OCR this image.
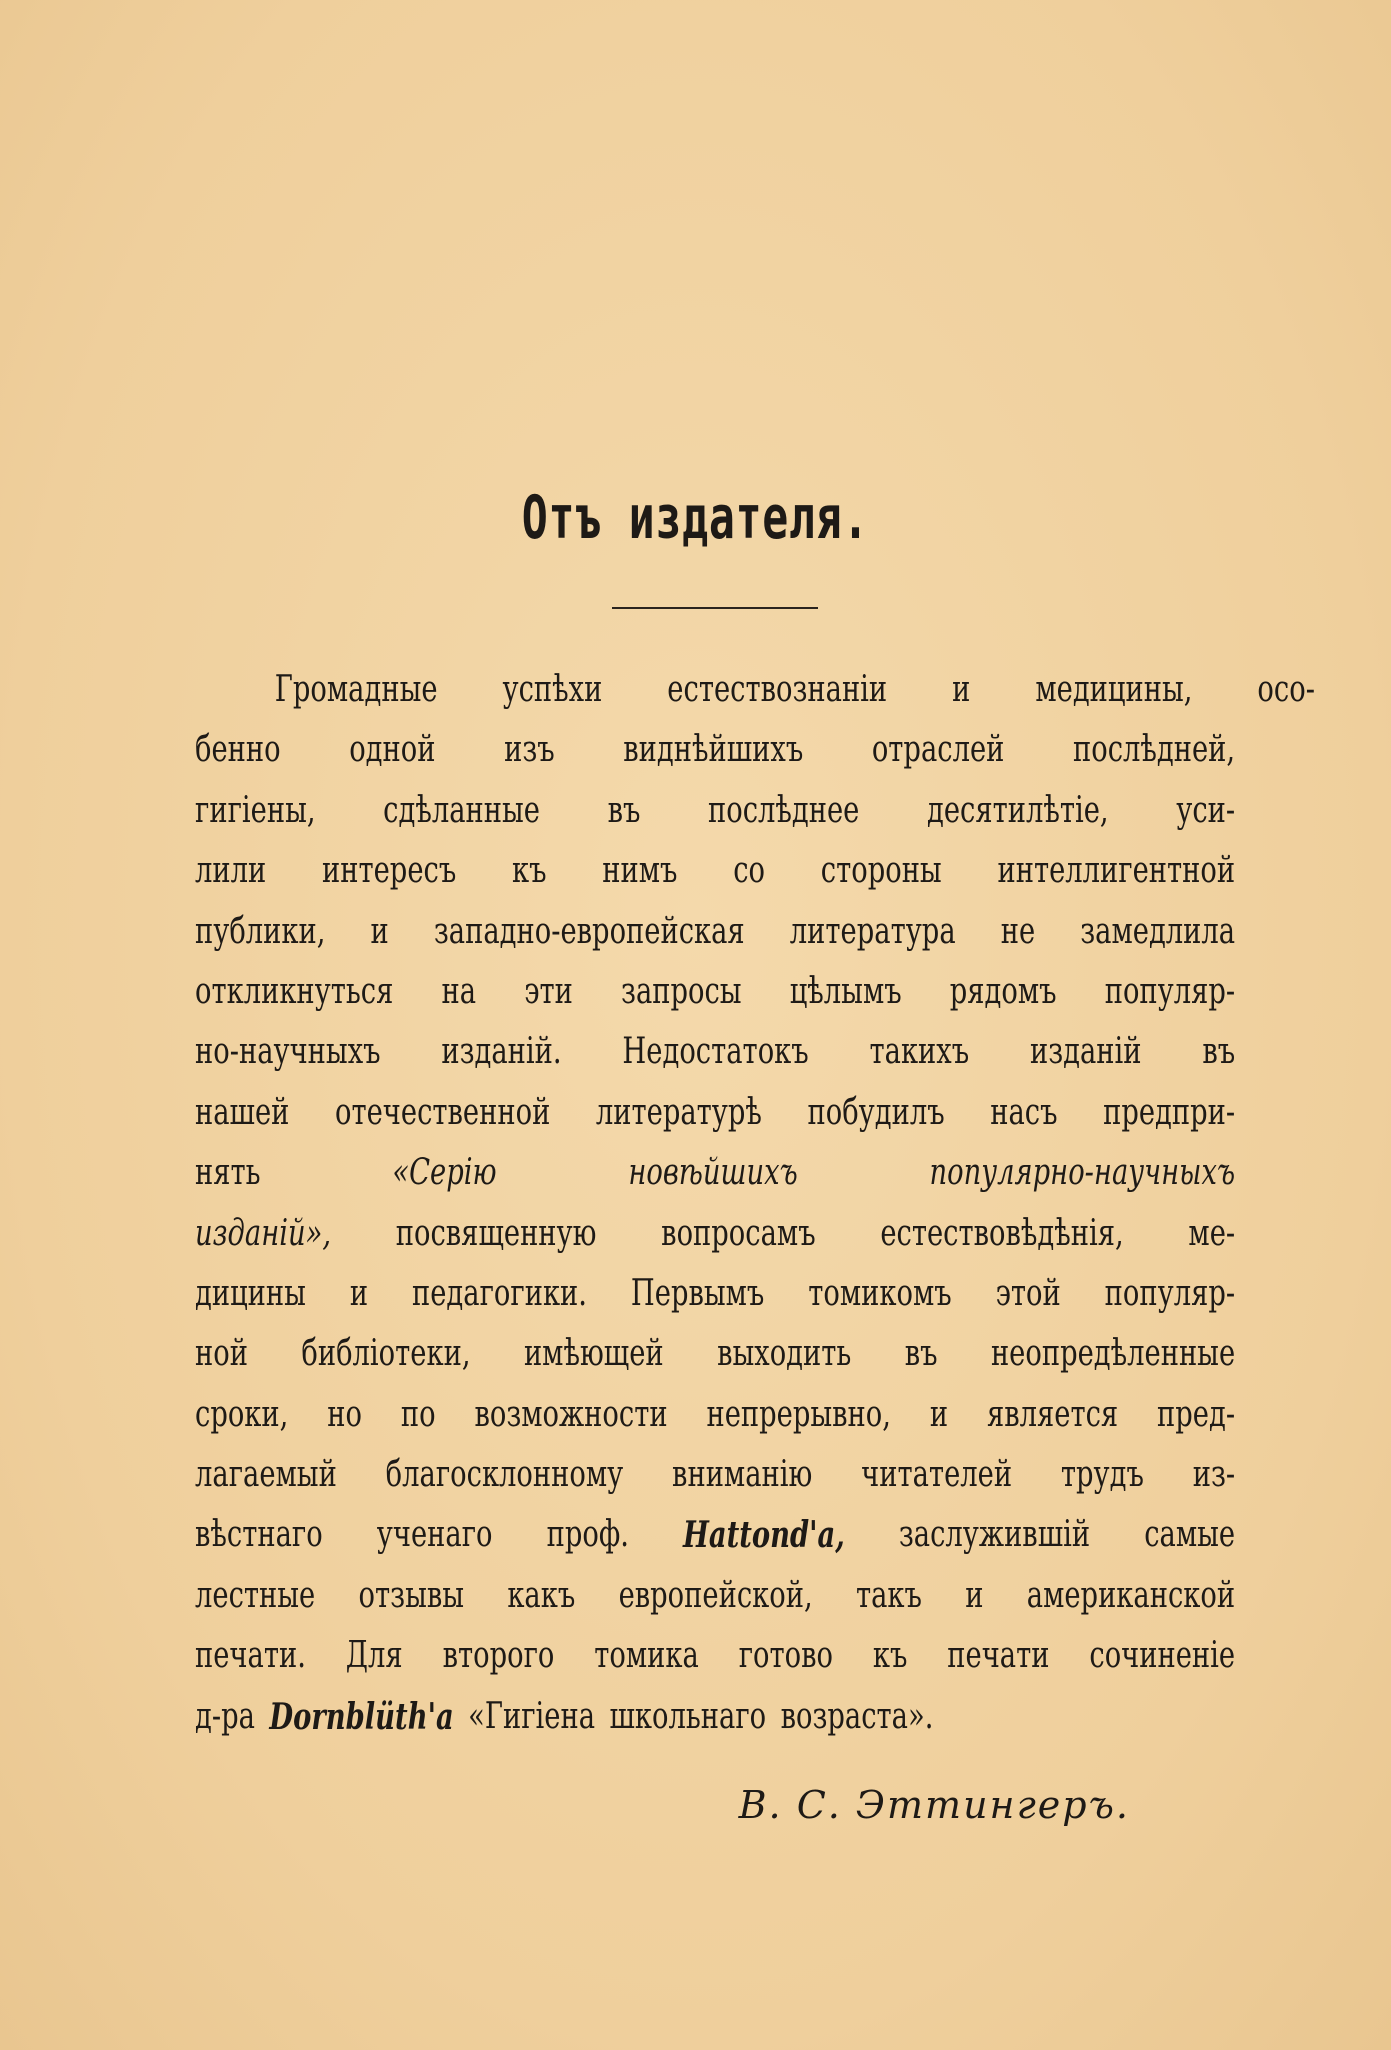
Отъ издателя.
Громадные успѣхи естествознаніи и медицины, осо-
бенно одной изъ виднѣйшихъ отраслей послѣдней,
гигіены, сдѣланные въ послѣднее десятилѣтіе, уси-
лили интересъ къ нимъ со стороны интеллигентной
публики, и западно-европейская литература не замедлила
откликнуться на эти запросы цѣлымъ рядомъ популяр-
но-научныхъ изданій. Недостатокъ такихъ изданій въ
нашей отечественной литературѣ побудилъ насъ предпри-
нять	«Серію	новѣйшихъ	популярно-научныхъ
изданій», посвященную вопросамъ естествовѣдѣнія, ме-
дицины и педагогики. Первымъ томикомъ этой популяр-
ной библіотеки, имѣющей выходить въ неопредѣленные
сроки, но по возможности непрерывно, и является пред-
лагаемый благосклонному вниманію читателей трудъ из-
вѣстнаго ученаго проф. Hattond'a, заслужившій самые
лестные отзывы какъ европейской, такъ и американской
печати. Для второго томика готово къ печати сочиненіе
д-ра Dornblüth'a «Гигіена школьнаго возраста».
В. С. Эттингеръ.
